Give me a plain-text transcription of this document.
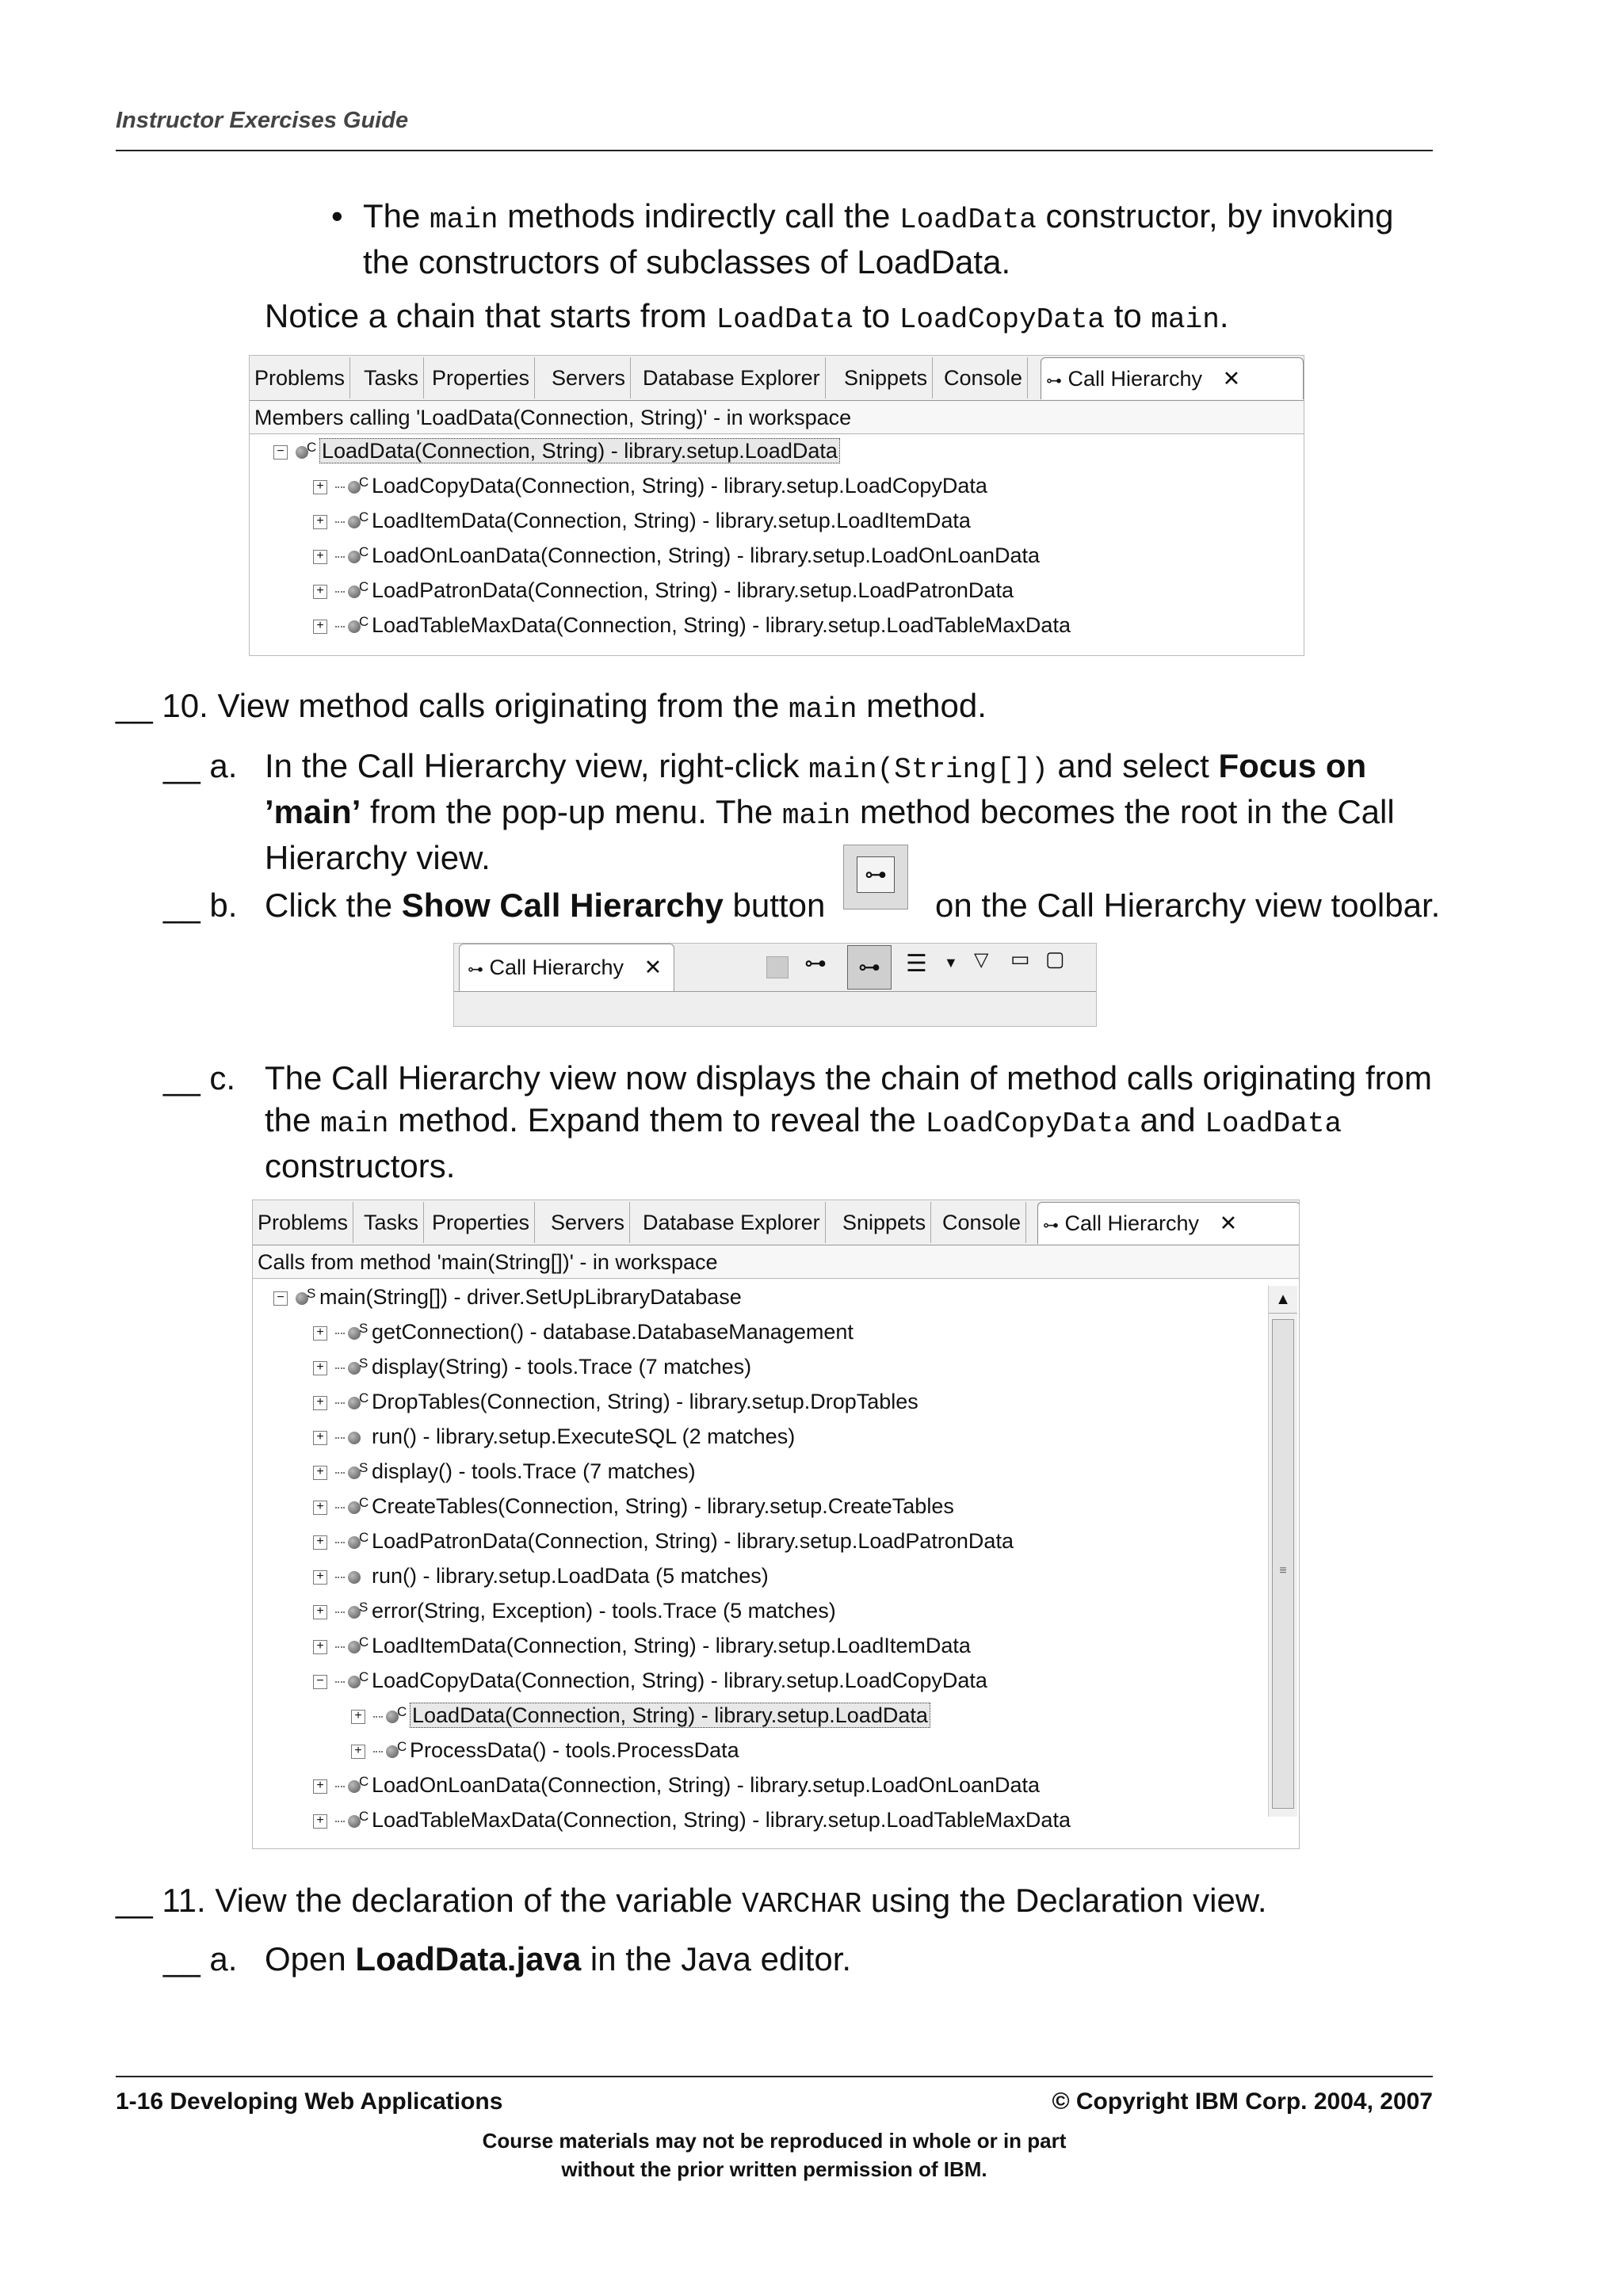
Instructor Exercises Guide
• The main methods indirectly call the LoadData constructor, by invoking
the constructors of subclasses of LoadData.
Notice a chain that starts from LoadData to LoadCopyData to main.
Problems Tasks Properties Servers Database Explorer Snippets Console	⊶ Call Hierarchy ✕
Members calling 'LoadData(Connection, String)' - in workspace
− C LoadData(Connection, String) - library.setup.LoadData
+	C LoadCopyData(Connection, String) - library.setup.LoadCopyData
+	C LoadItemData(Connection, String) - library.setup.LoadItemData
+	C LoadOnLoanData(Connection, String) - library.setup.LoadOnLoanData
+	C LoadPatronData(Connection, String) - library.setup.LoadPatronData
+	C LoadTableMaxData(Connection, String) - library.setup.LoadTableMaxData
__ 10. View method calls originating from the main method.
__ a. In the Call Hierarchy view, right-click main(String[]) and select Focus on
’main’ from the pop-up menu. The main method becomes the root in the Call
Hierarchy view.
__ b. Click the Show Call Hierarchy button
⊶
on the Call Hierarchy view toolbar.
⊶ Call Hierarchy ✕	⊶	⊶	☰ ▼ ▽ ▭ ▢
__ c. The Call Hierarchy view now displays the chain of method calls originating from
the main method. Expand them to reveal the LoadCopyData and LoadData
constructors.
Problems Tasks Properties Servers Database Explorer Snippets Console	⊶ Call Hierarchy ✕
Calls from method 'main(String[])' - in workspace
▲
≡
− S main(String[]) - driver.SetUpLibraryDatabase
+	S getConnection() - database.DatabaseManagement
+	S display(String) - tools.Trace (7 matches)
+	C DropTables(Connection, String) - library.setup.DropTables
+ run() - library.setup.ExecuteSQL (2 matches)
+	S display() - tools.Trace (7 matches)
+	C CreateTables(Connection, String) - library.setup.CreateTables
+	C LoadPatronData(Connection, String) - library.setup.LoadPatronData
+ run() - library.setup.LoadData (5 matches)
+	S error(String, Exception) - tools.Trace (5 matches)
+	C LoadItemData(Connection, String) - library.setup.LoadItemData
−	C LoadCopyData(Connection, String) - library.setup.LoadCopyData
+	C LoadData(Connection, String) - library.setup.LoadData
+	C ProcessData() - tools.ProcessData
+	C LoadOnLoanData(Connection, String) - library.setup.LoadOnLoanData
+	C LoadTableMaxData(Connection, String) - library.setup.LoadTableMaxData
__ 11. View the declaration of the variable VARCHAR using the Declaration view.
__ a. Open LoadData.java in the Java editor.
1-16 Developing Web Applications	© Copyright IBM Corp. 2004, 2007
Course materials may not be reproduced in whole or in part
without the prior written permission of IBM.
